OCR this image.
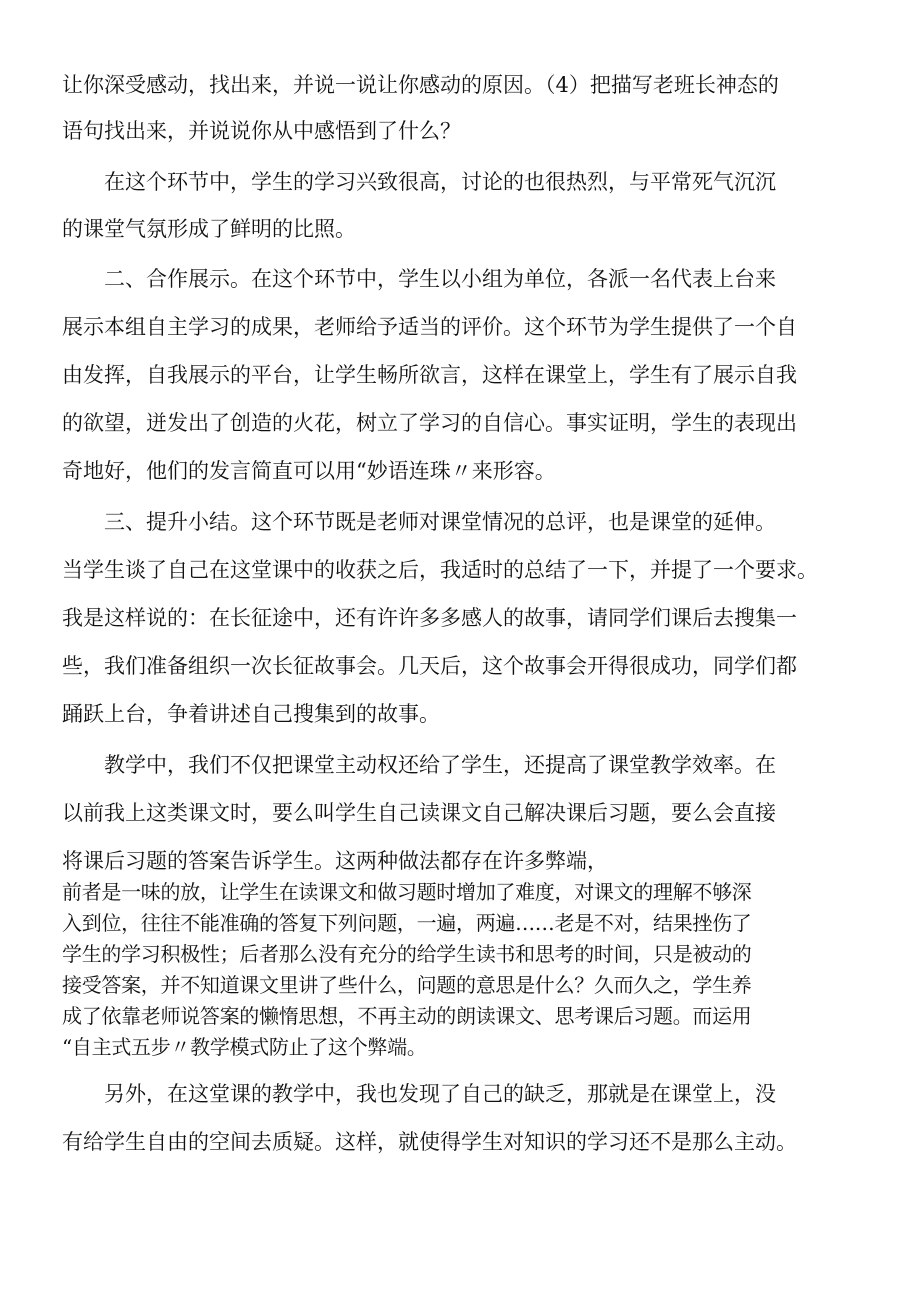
让你深受感动，找出来，并说一说让你感动的原因。（4）把描写老班长神态的
语句找出来，并说说你从中感悟到了什么？
　　在这个环节中，学生的学习兴致很高，讨论的也很热烈，与平常死气沉沉
的课堂气氛形成了鲜明的比照。
　　二、合作展示。在这个环节中，学生以小组为单位，各派一名代表上台来
展示本组自主学习的成果，老师给予适当的评价。这个环节为学生提供了一个自
由发挥，自我展示的平台，让学生畅所欲言，这样在课堂上，学生有了展示自我
的欲望，迸发出了创造的火花，树立了学习的自信心。事实证明，学生的表现出
奇地好，他们的发言简直可以用“妙语连珠〃来形容。
　　三、提升小结。这个环节既是老师对课堂情况的总评，也是课堂的延伸。
当学生谈了自己在这堂课中的收获之后，我适时的总结了一下，并提了一个要求。
我是这样说的：在长征途中，还有许许多多感人的故事，请同学们课后去搜集一
些，我们准备组织一次长征故事会。几天后，这个故事会开得很成功，同学们都
踊跃上台，争着讲述自己搜集到的故事。
　　教学中，我们不仅把课堂主动权还给了学生，还提高了课堂教学效率。在
以前我上这类课文时，要么叫学生自己读课文自己解决课后习题，要么会直接
将课后习题的答案告诉学生。这两种做法都存在许多弊端，
前者是一味的放，让学生在读课文和做习题时增加了难度，对课文的理解不够深
入到位，往往不能准确的答复下列问题，一遍，两遍……老是不对，结果挫伤了
学生的学习积极性；后者那么没有充分的给学生读书和思考的时间，只是被动的
接受答案，并不知道课文里讲了些什么，问题的意思是什么？久而久之，学生养
成了依靠老师说答案的懒惰思想，不再主动的朗读课文、思考课后习题。而运用
“自主式五步〃教学模式防止了这个弊端。
　　另外，在这堂课的教学中，我也发现了自己的缺乏，那就是在课堂上，没
有给学生自由的空间去质疑。这样，就使得学生对知识的学习还不是那么主动。
